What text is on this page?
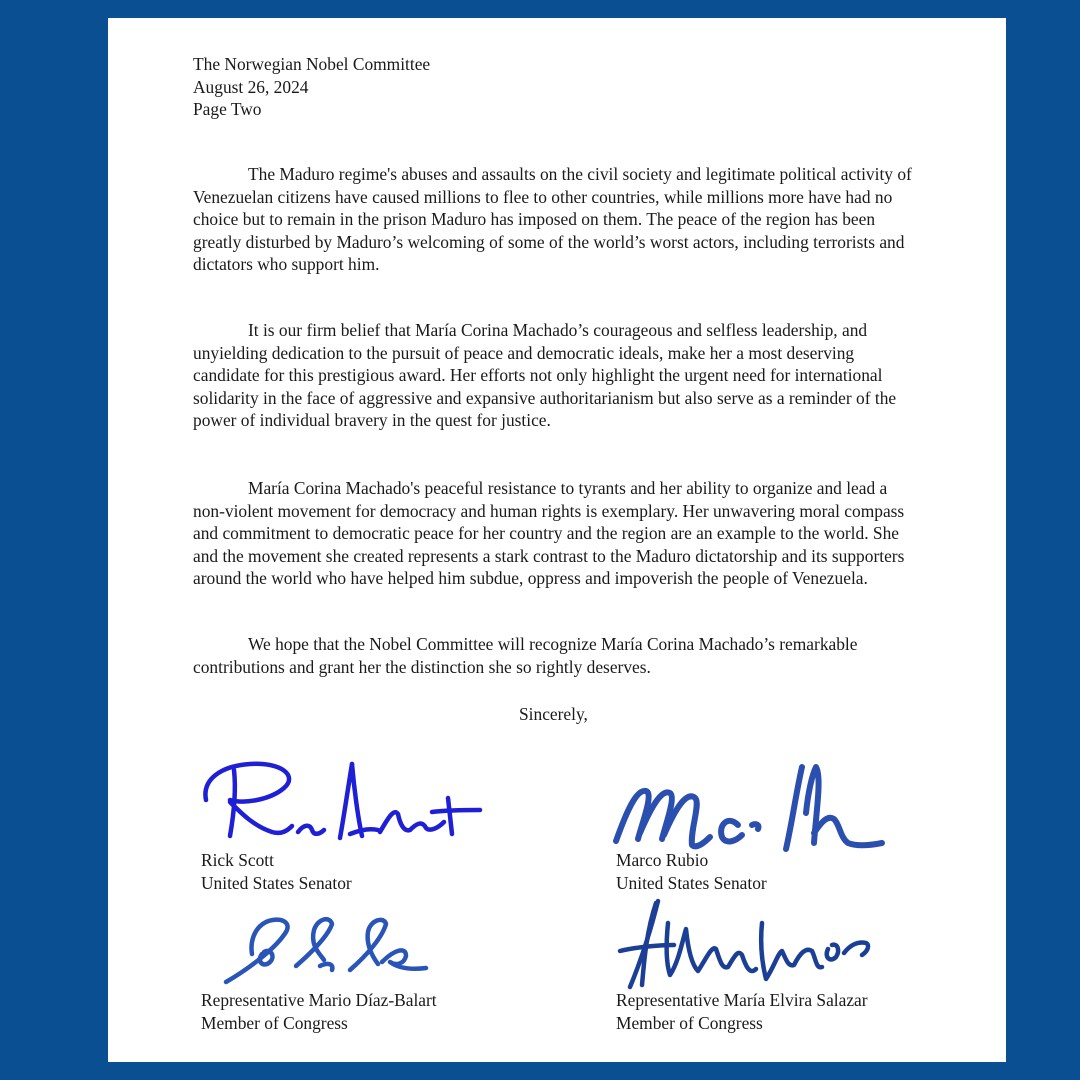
The Norwegian Nobel Committee
August 26, 2024
Page Two

The Maduro regime's abuses and assaults on the civil society and legitimate political activity of Venezuelan citizens have caused millions to flee to other countries, while millions more have had no choice but to remain in the prison Maduro has imposed on them. The peace of the region has been greatly disturbed by Maduro’s welcoming of some of the world’s worst actors, including terrorists and dictators who support him.

It is our firm belief that María Corina Machado’s courageous and selfless leadership, and unyielding dedication to the pursuit of peace and democratic ideals, make her a most deserving candidate for this prestigious award. Her efforts not only highlight the urgent need for international solidarity in the face of aggressive and expansive authoritarianism but also serve as a reminder of the power of individual bravery in the quest for justice.

María Corina Machado's peaceful resistance to tyrants and her ability to organize and lead a non-violent movement for democracy and human rights is exemplary. Her unwavering moral compass and commitment to democratic peace for her country and the region are an example to the world. She and the movement she created represents a stark contrast to the Maduro dictatorship and its supporters around the world who have helped him subdue, oppress and impoverish the people of Venezuela.

We hope that the Nobel Committee will recognize María Corina Machado’s remarkable contributions and grant her the distinction she so rightly deserves.

Sincerely,
Rick Scott
United States Senator
Marco Rubio
United States Senator
Representative Mario Díaz-Balart
Member of Congress
Representative María Elvira Salazar
Member of Congress
